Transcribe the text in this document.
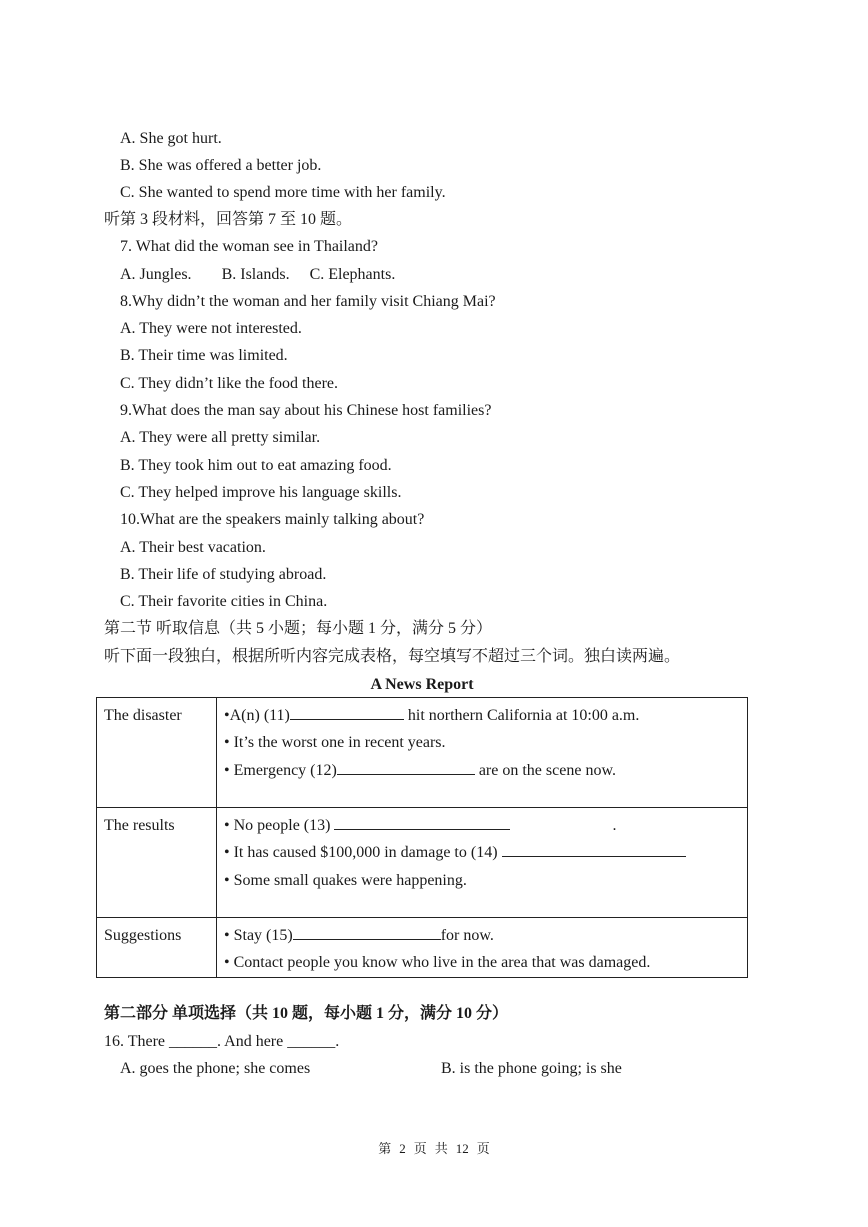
A. She got hurt.
B. She was offered a better job.
C. She wanted to spend more time with her family.
听第 3 段材料，回答第 7 至 10 题。
7. What did the woman see in Thailand?
A. Jungles. B. Islands. C. Elephants.
8.Why didn’t the woman and her family visit Chiang Mai?
A. They were not interested.
B. Their time was limited.
C. They didn’t like the food there.
9.What does the man say about his Chinese host families?
A. They were all pretty similar.
B. They took him out to eat amazing food.
C. They helped improve his language skills.
10.What are the speakers mainly talking about?
A. Their best vacation.
B. Their life of studying abroad.
C. Their favorite cities in China.
第二节 听取信息（共 5 小题；每小题 1 分，满分 5 分）
听下面一段独白，根据所听内容完成表格，每空填写不超过三个词。独白读两遍。
A News Report
The disaster	•A(n) (11) hit northern California at 10:00 a.m.
• It’s the worst one in recent years.
• Emergency (12) are on the scene now.

The results	• No people (13) .
• It has caused $100,000 in damage to (14)
• Some small quakes were happening.

Suggestions	• Stay (15) for now.
• Contact people you know who live in the area that was damaged.
第二部分 单项选择（共 10 题，每小题 1 分，满分 10 分）
16. There ______. And here ______.
A. goes the phone; she comes	B. is the phone going; is she
第 2 页 共 12 页
